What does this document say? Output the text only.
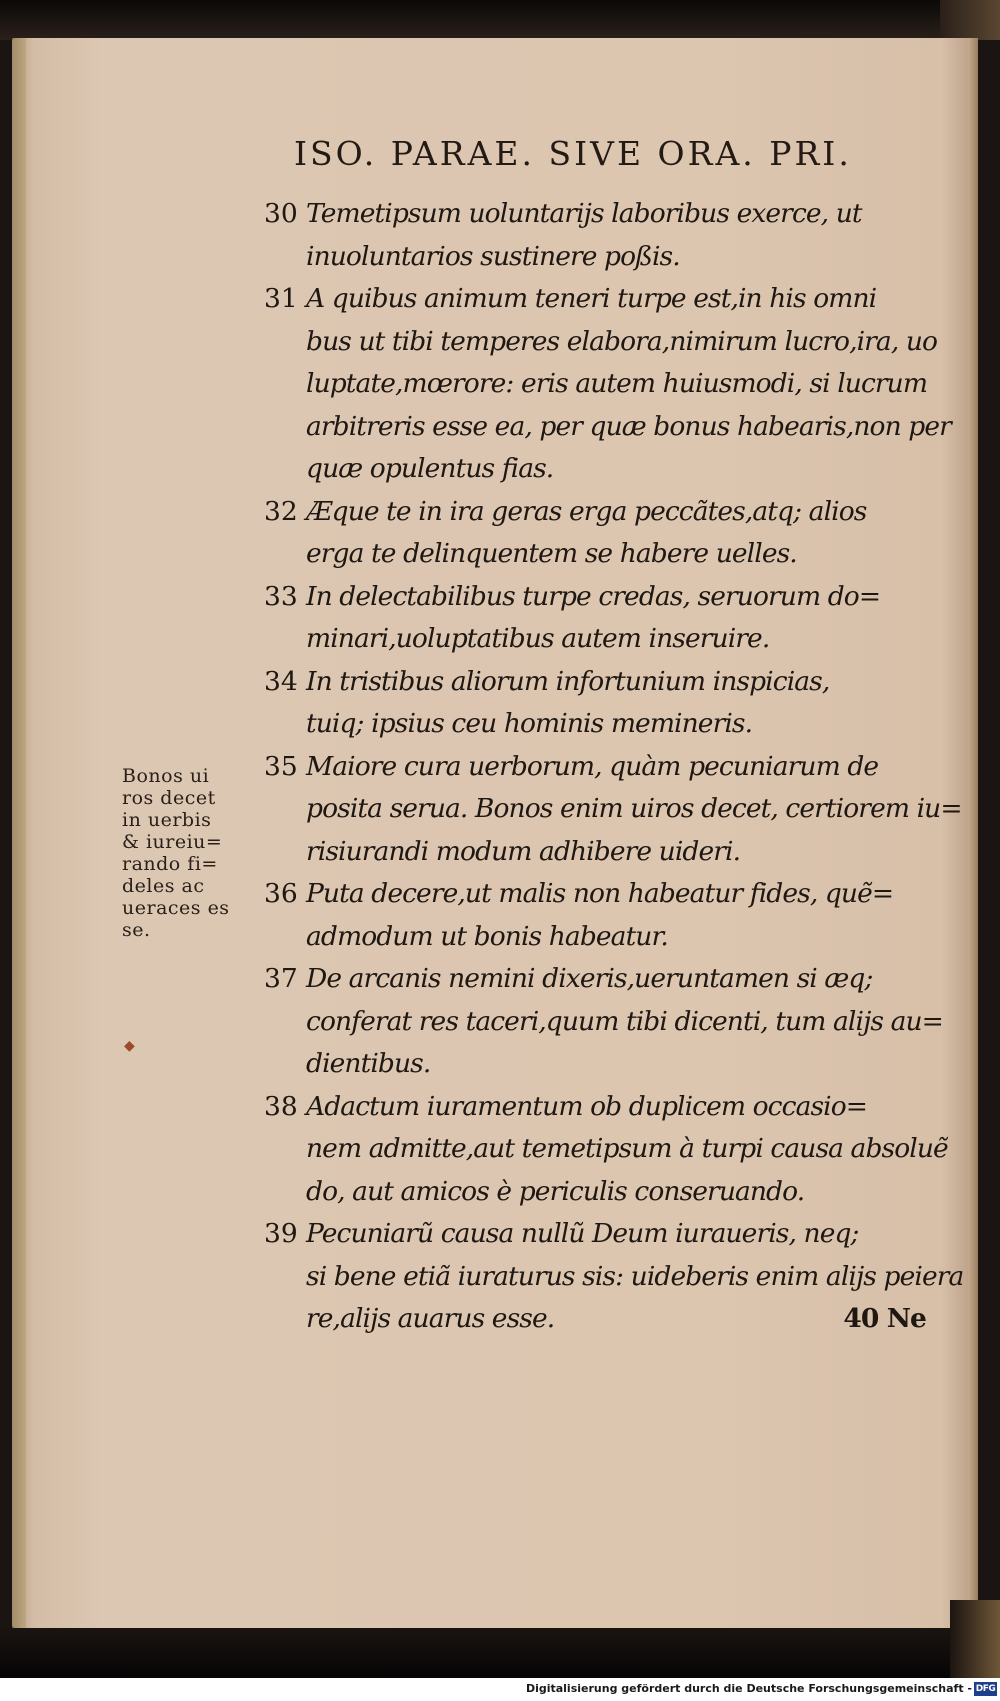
ISO. PARAE. SIVE ORA. PRI.
30 Temetipsum uoluntarijs laboribus exerce, ut
inuoluntarios sustinere poßis.
31 A quibus animum teneri turpe est,in his omni
bus ut tibi temperes elabora,nimirum lucro,ira, uo
luptate,mœrore: eris autem huiusmodi, si lucrum
arbitreris esse ea, per quæ bonus habearis,non per
quæ opulentus fias.
32 Æque te in ira geras erga peccãtes,atq; alios
erga te delinquentem se habere uelles.
33 In delectabilibus turpe credas, seruorum do=
minari,uoluptatibus autem inseruire.
34 In tristibus aliorum infortunium inspicias,
tuiq; ipsius ceu hominis memineris.
35 Maiore cura uerborum, quàm pecuniarum de
posita serua. Bonos enim uiros decet, certiorem iu=
risiurandi modum adhibere uideri.
36 Puta decere,ut malis non habeatur fides, quẽ=
admodum ut bonis habeatur.
37 De arcanis nemini dixeris,ueruntamen si æq;
conferat res taceri,quum tibi dicenti, tum alijs au=
dientibus.
38 Adactum iuramentum ob duplicem occasio=
nem admitte,aut temetipsum à turpi causa absoluẽ
do, aut amicos è periculis conseruando.
39 Pecuniarũ causa nullũ Deum iuraueris, neq;
si bene etiã iuraturus sis: uideberis enim alijs peiera
re,alijs auarus esse.	40 Ne
Bonos ui
ros decet
in uerbis
& iureiu=
rando fi=
deles ac
ueraces es
se.
◆
Digitalisierung gefördert durch die Deutsche Forschungsgemeinschaft - DFG
